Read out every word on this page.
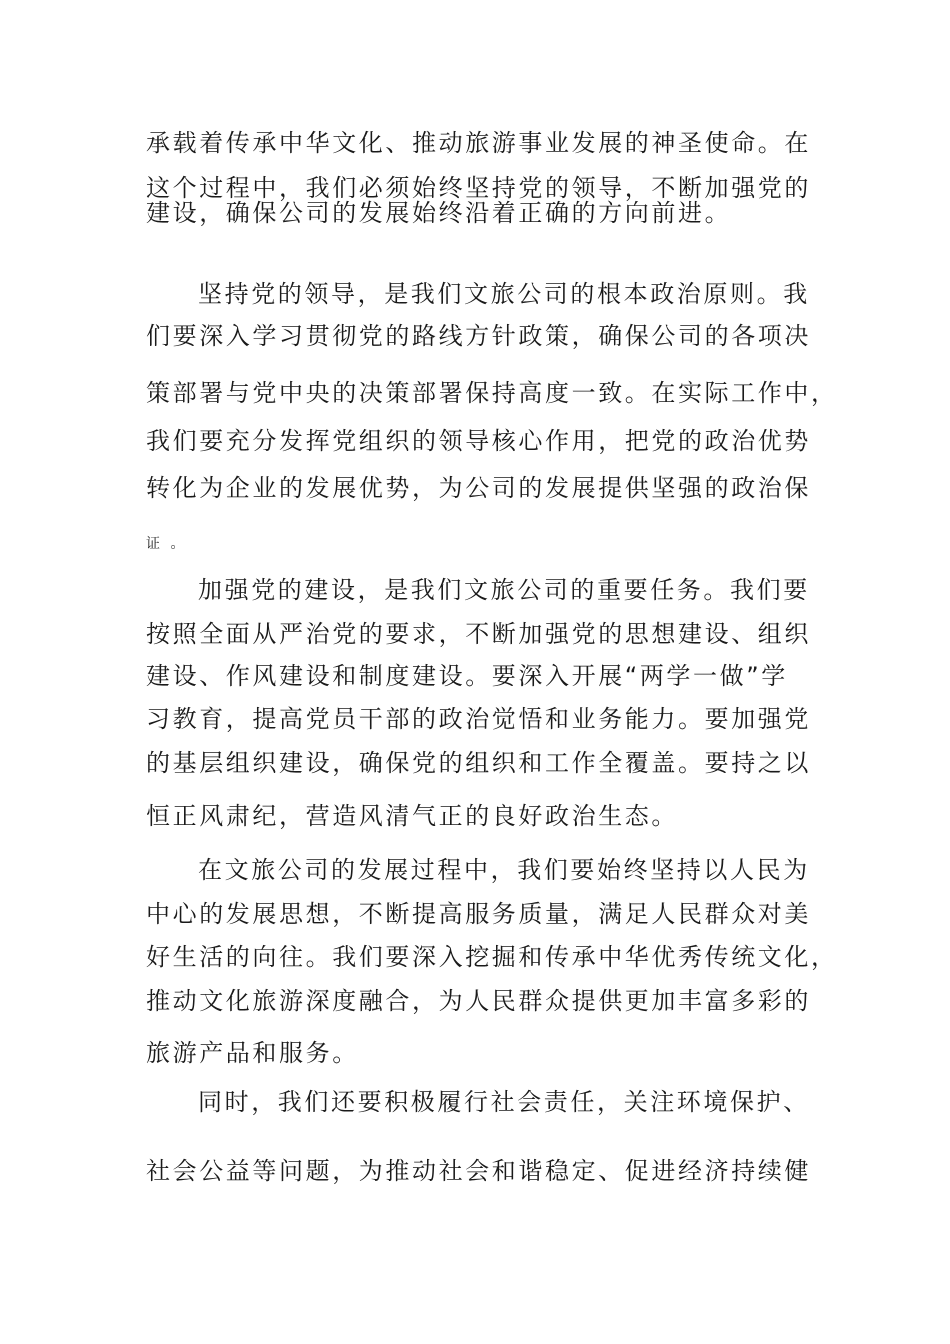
承载着传承中华文化、推动旅游事业发展的神圣使命。在
这个过程中，我们必须始终坚持党的领导，不断加强党的
建设，确保公司的发展始终沿着正确的方向前进。
坚持党的领导，是我们文旅公司的根本政治原则。我
们要深入学习贯彻党的路线方针政策，确保公司的各项决
策部署与党中央的决策部署保持高度一致。在实际工作中，
我们要充分发挥党组织的领导核心作用，把党的政治优势
转化为企业的发展优势，为公司的发展提供坚强的政治保
证 。
加强党的建设，是我们文旅公司的重要任务。我们要
按照全面从严治党的要求，不断加强党的思想建设、组织
建设、作风建设和制度建设。要深入开展“两学一做”学
习教育，提高党员干部的政治觉悟和业务能力。要加强党
的基层组织建设，确保党的组织和工作全覆盖。要持之以
恒正风肃纪，营造风清气正的良好政治生态。
在文旅公司的发展过程中，我们要始终坚持以人民为
中心的发展思想，不断提高服务质量，满足人民群众对美
好生活的向往。我们要深入挖掘和传承中华优秀传统文化，
推动文化旅游深度融合，为人民群众提供更加丰富多彩的
旅游产品和服务。
同时，我们还要积极履行社会责任，关注环境保护、
社会公益等问题，为推动社会和谐稳定、促进经济持续健
